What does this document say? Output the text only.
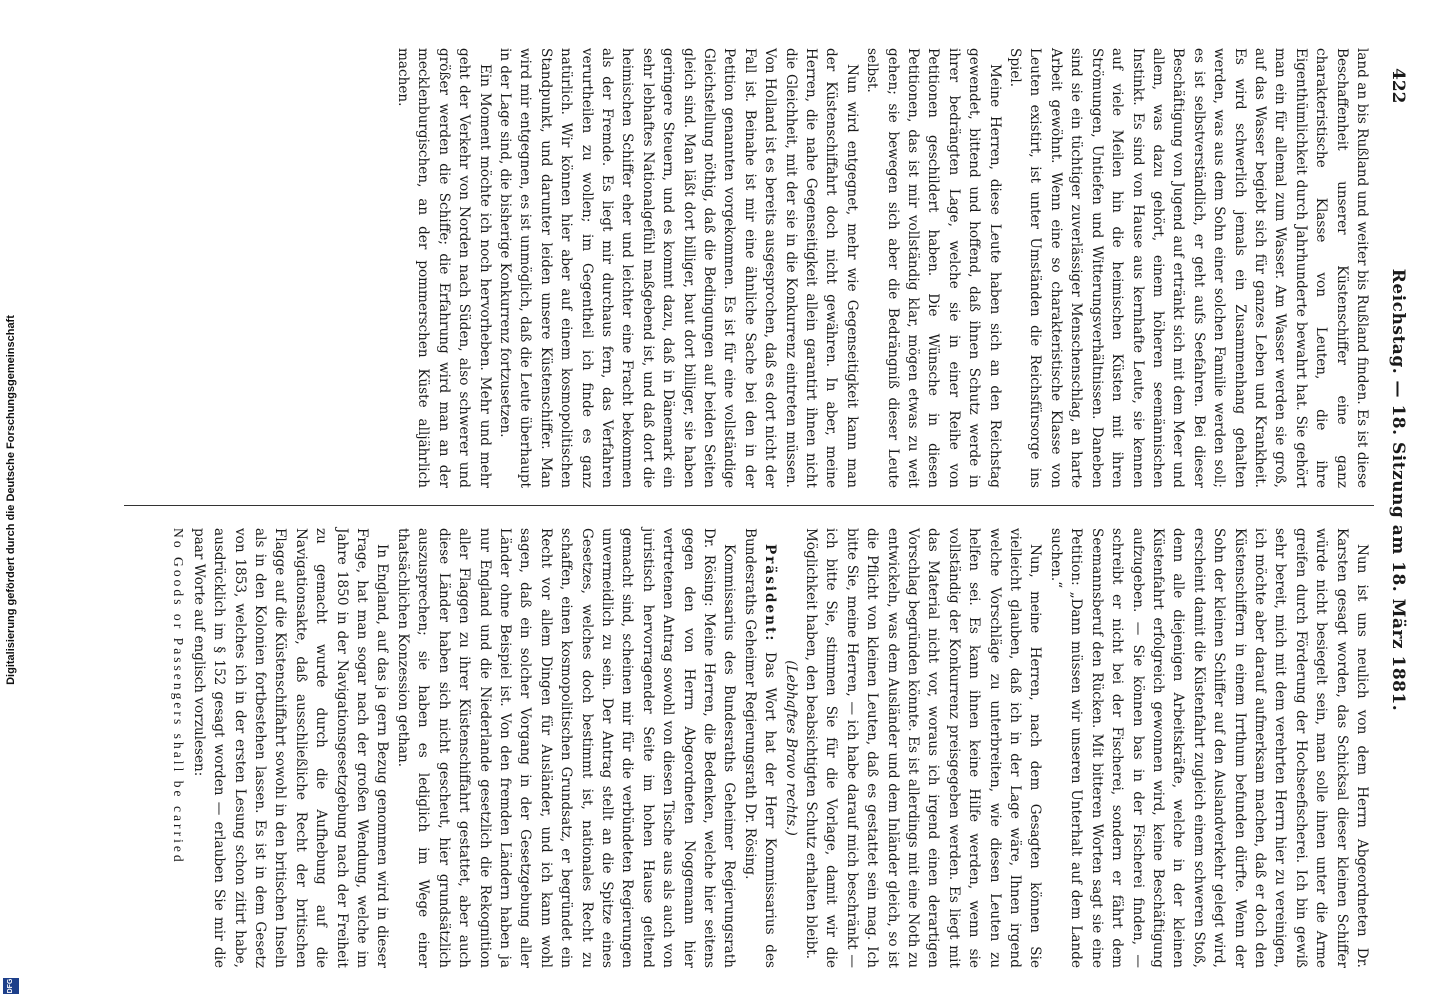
422
Reichstag. — 18. Sitzung am 18. März 1881.

land an bis Rußland und weiter bis Rußland finden. Es ist diese Beschaffenheit unserer Küstenschiffer eine ganz charakteristische Klasse von Leuten, die ihre Eigenthümlichkeit durch Jahrhunderte bewahrt hat. Sie gehört man ein für allemal zum Wasser. Am Wasser werden sie groß, auf das Wasser begiebt sich für ganzes Leben und Krankheit. Es wird schwerlich jemals ein Zusammenhang gehalten werden, was aus dem Sohn einer solchen Familie werden soll; es ist selbstverständlich, er geht aufs Seefahren. Bei dieser Beschäftigung von Jugend auf ertränkt sich mit dem Meer und allem, was dazu gehört, einem höheren seemännischen Instinkt. Es sind von Hause aus kernhafte Leute, sie kennen auf viele Meilen hin die heimischen Küsten mit ihren Strömungen, Untiefen und Witterungsverhältnissen. Daneben sind sie ein tüchtiger zuverlässiger Menschenschlag, an harte Arbeit gewöhnt. Wenn eine so charakteristische Klasse von Leuten existirt, ist unter Umständen die Reichsfürsorge ins Spiel.

Meine Herren, diese Leute haben sich an den Reichstag gewendet, bittend und hoffend, daß ihnen Schutz werde in ihrer bedrängten Lage, welche sie in einer Reihe von Petitionen geschildert haben. Die Wünsche in diesen Petitionen, das ist mir vollständig klar, mögen etwas zu weit gehen; sie bewegen sich aber die Bedrängniß dieser Leute selbst.

Nun wird entgegnet, mehr wie Gegenseitigkeit kann man der Küstenschiffahrt doch nicht gewähren. In aber, meine Herren, die nahe Gegenseitigkeit allein garantirt ihnen nicht die Gleichheit, mit der sie in die Konkurrenz eintreten müssen. Von Holland ist es bereits ausgesprochen, daß es dort nicht der Fall ist. Beinahe ist mir eine ähnliche Sache bei den in der Petition genannten vorgekommen. Es ist für eine vollständige Gleichstellung nöthig, daß die Bedingungen auf beiden Seiten gleich sind. Man läßt dort billiger, baut dort billiger, sie haben geringere Steuern, und es kommt dazu, daß in Dänemark ein sehr lebhaftes Nationalgefühl maßgebend ist, und daß dort die heimischen Schiffer eher und leichter eine Fracht bekommen als der Fremde. Es liegt mir durchaus fern, das Verfahren verurtheilen zu wollen; im Gegentheil ich finde es ganz natürlich. Wir können hier aber auf einem kosmopolitischen Standpunkt, und darunter leiden unsere Küstenschiffer. Man wird mir entgegnen, es ist unmöglich, daß die Leute überhaupt in der Lage sind, die bisherige Konkurrenz fortzusetzen.

Ein Moment möchte ich noch hervorheben. Mehr und mehr geht der Verkehr von Norden nach Süden, also schwerer und größer werden die Schiffe; die Erfahrung wird man an der mecklenburgischen, an der pommerschen Küste alljährlich machen.

Nun ist uns neulich von dem Herrn Abgeordneten Dr. Karsten gesagt worden, das Schicksal dieser kleinen Schiffer würde nicht besiegelt sein, man solle ihnen unter die Arme greifen durch Förderung der Hochseefischerei. Ich bin gewiß sehr bereit, mich mit dem verehrten Herrn hier zu vereinigen, ich möchte aber darauf aufmerksam machen, daß er doch den Küstenschiffern in einem Irrthum befunden dürfte. Wenn der Sohn der kleinen Schiffer auf den Auslandverkehr gelegt wird, erscheint damit die Küstenfahrt zugleich einem schweren Stoß, denn alle diejenigen Arbeitskräfte, welche in der kleinen Küstenfahrt erfolgreich gewonnen wird, keine Beschäftigung aufzugeben. — Sie können bas in der Fischerei finden, — schreibt er nicht bei der Fischerei, sondern er fährt dem Seemannsberuf den Rücken. Mit bitteren Worten sagt sie eine Petition: „Dann müssen wir unseren Unterhalt auf dem Lande suchen.“

Nun, meine Herren, nach dem Gesagten können Sie vielleicht glauben, daß ich in der Lage wäre, Ihnen irgend welche Vorschläge zu unterbreiten, wie diesen Leuten zu helfen sei. Es kann ihnen keine Hilfe werden, wenn sie vollständig der Konkurrenz preisgegeben werden. Es liegt mit das Material nicht vor, woraus ich irgend einen derartigen Vorschlag begründen könnte. Es ist allerdings mit eine Noth zu entwickeln, was dem Ausländer und dem Inländer gleich, so ist die Pflicht von kleinen Leuten, daß es gestattet sein mag. Ich bitte Sie, meine Herren, — ich habe darauf mich beschränkt — ich bitte Sie, stimmen Sie für die Vorlage, damit wir die Möglichkeit haben, den beabsichtigten Schutz erhalten bleibt.

(Lebhaftes Bravo rechts.)

Präsident: Das Wort hat der Herr Kommissarius des Bundesraths Geheimer Regierungsrath Dr. Rösing.

Kommissarius des Bundesraths Geheimer Regierungsrath Dr. Rösing: Meine Herren, die Bedenken, welche hier seitens gegen den von Herrn Abgeordneten Noggemann hier vertretenen Antrag sowohl von diesen Tische aus als auch von juristisch hervorragender Seite im hohen Hause geltend gemacht sind, scheinen mir für die verbündeten Regierungen unvermeidlich zu sein. Der Antrag stellt an die Spitze eines Gesetzes, welches doch bestimmt ist, nationales Recht zu schaffen, einen kosmopolitischen Grundsatz, er begründet ein Recht vor allem Dingen für Ausländer, und ich kann wohl sagen, daß ein solcher Vorgang in der Gesetzgebung aller Länder ohne Beispiel ist. Von den fremden Ländern haben ja nur England und die Niederlande gesetzlich die Rekognition aller Flaggen zu ihrer Küstenschiffahrt gestattet, aber auch diese Länder haben sich nicht gescheut, hier grundsätzlich auszusprechen; sie haben es lediglich im Wege einer thatsächlichen Konzession gethan.

In England, auf das ja gern Bezug genommen wird in dieser Frage, hat man sogar nach der großen Wendung, welche im Jahre 1850 in der Navigationsgesetzgebung nach der Freiheit zu gemacht wurde durch die Aufhebung auf die Navigationsakte, daß ausschließliche Recht der britischen Flagge auf die Küstenschiffahrt sowohl in den britischen Inseln als in den Kolonien fortbestehen lassen. Es ist in dem Gesetz von 1853, welches ich in der ersten Lesung schon zitirt habe, ausdrücklich im § 152 gesagt worden — erlauben Sie mir die paar Worte auf englisch vorzulesen:

No Goods or Passengers shall be carried

Digitalisierung gefördert durch die Deutsche Forschungsgemeinschaft
DFG
